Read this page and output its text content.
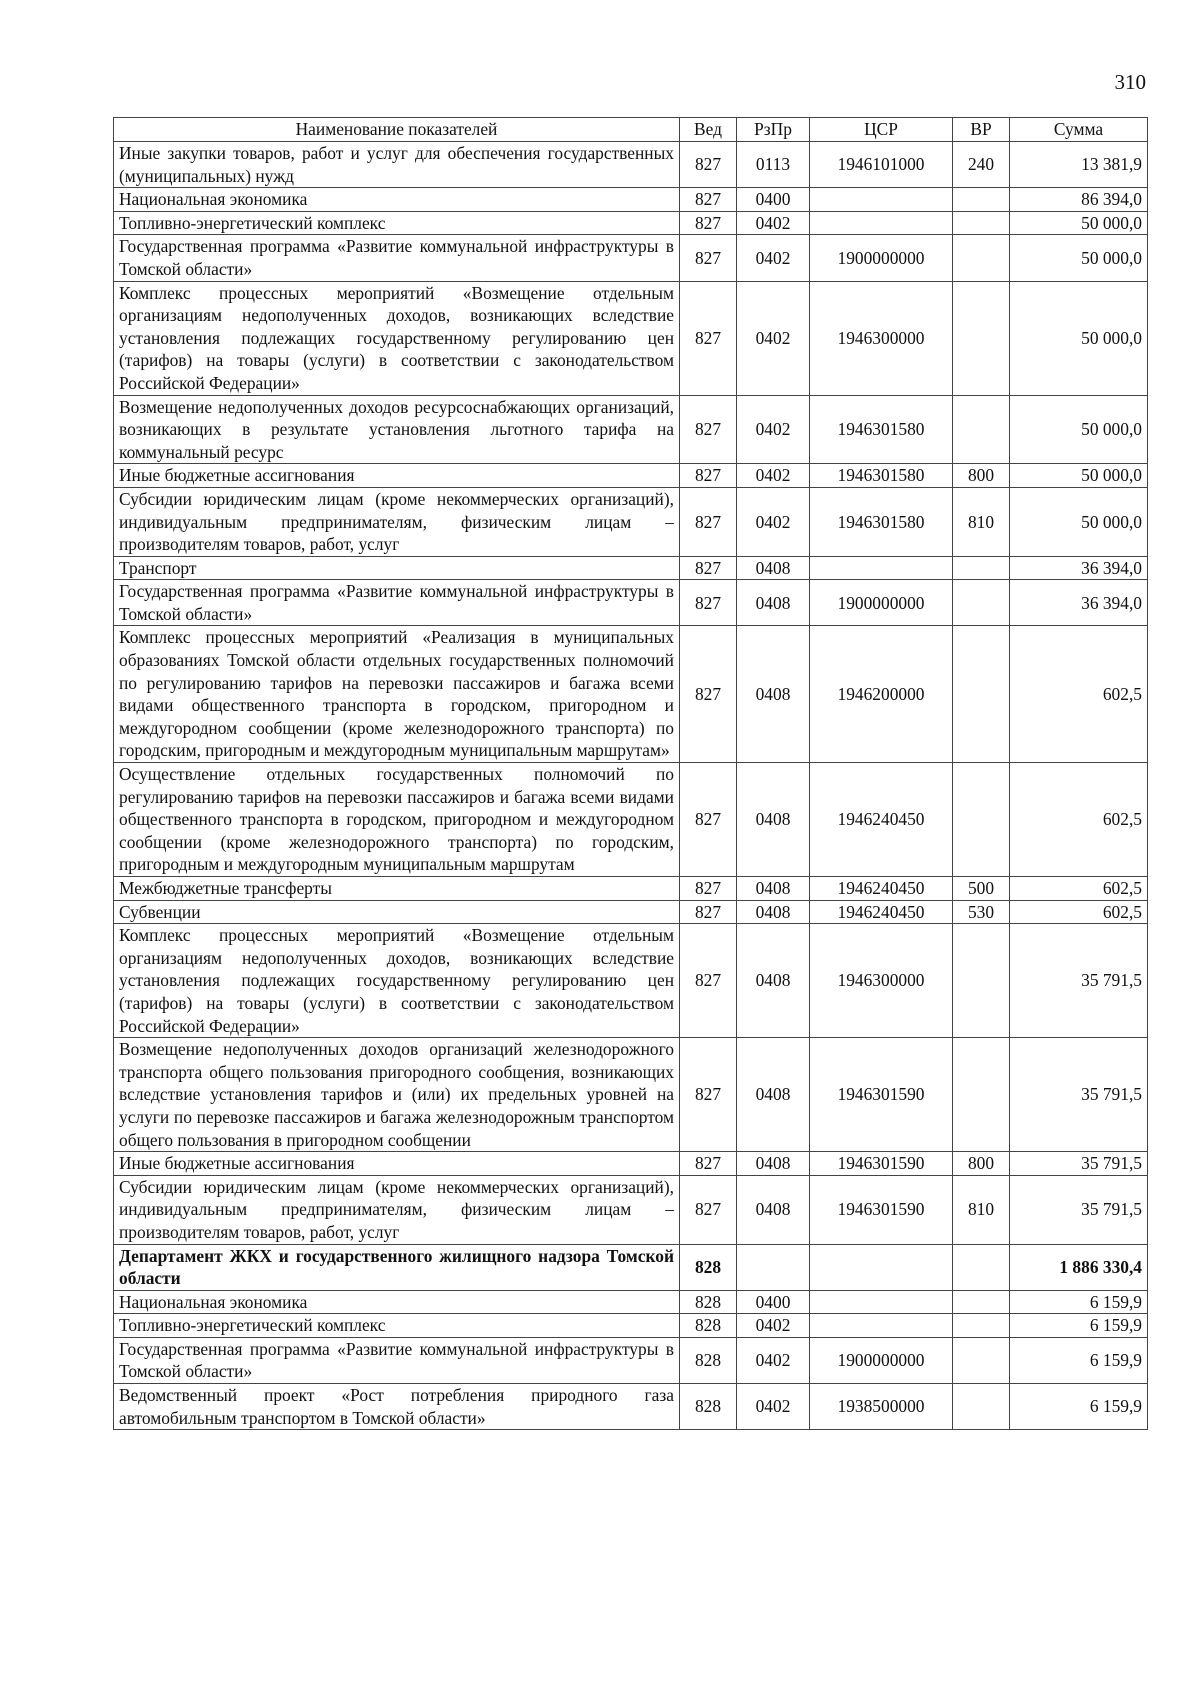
310
Наименование показателей	Вед	РзПр	ЦСР	ВР	Сумма
Иные закупки товаров, работ и услуг для обеспечения государственных (муниципальных) нужд	827	0113	1946101000	240	13 381,9
Национальная экономика	827	0400			86 394,0
Топливно-энергетический комплекс	827	0402			50 000,0
Государственная программа «Развитие коммунальной инфраструктуры в Томской области»	827	0402	1900000000		50 000,0
Комплекс процессных мероприятий «Возмещение отдельным организациям недополученных доходов, возникающих вследствие установления подлежащих государственному регулированию цен (тарифов) на товары (услуги) в соответствии с законодательством Российской Федерации»	827	0402	1946300000		50 000,0
Возмещение недополученных доходов ресурсоснабжающих организаций, возникающих в результате установления льготного тарифа на коммунальный ресурс	827	0402	1946301580		50 000,0
Иные бюджетные ассигнования	827	0402	1946301580	800	50 000,0
Субсидии юридическим лицам (кроме некоммерческих организаций), индивидуальным предпринимателям, физическим лицам – производителям товаров, работ, услуг	827	0402	1946301580	810	50 000,0
Транспорт	827	0408			36 394,0
Государственная программа «Развитие коммунальной инфраструктуры в Томской области»	827	0408	1900000000		36 394,0
Комплекс процессных мероприятий «Реализация в муниципальных образованиях Томской области отдельных государственных полномочий по регулированию тарифов на перевозки пассажиров и багажа всеми видами общественного транспорта в городском, пригородном и междугородном сообщении (кроме железнодорожного транспорта) по городским, пригородным и междугородным муниципальным маршрутам»	827	0408	1946200000		602,5
Осуществление отдельных государственных полномочий по регулированию тарифов на перевозки пассажиров и багажа всеми видами общественного транспорта в городском, пригородном и междугородном сообщении (кроме железнодорожного транспорта) по городским, пригородным и междугородным муниципальным маршрутам	827	0408	1946240450		602,5
Межбюджетные трансферты	827	0408	1946240450	500	602,5
Субвенции	827	0408	1946240450	530	602,5
Комплекс процессных мероприятий «Возмещение отдельным организациям недополученных доходов, возникающих вследствие установления подлежащих государственному регулированию цен (тарифов) на товары (услуги) в соответствии с законодательством Российской Федерации»	827	0408	1946300000		35 791,5
Возмещение недополученных доходов организаций железнодорожного транспорта общего пользования пригородного сообщения, возникающих вследствие установления тарифов и (или) их предельных уровней на услуги по перевозке пассажиров и багажа железнодорожным транспортом общего пользования в пригородном сообщении	827	0408	1946301590		35 791,5
Иные бюджетные ассигнования	827	0408	1946301590	800	35 791,5
Субсидии юридическим лицам (кроме некоммерческих организаций), индивидуальным предпринимателям, физическим лицам – производителям товаров, работ, услуг	827	0408	1946301590	810	35 791,5
Департамент ЖКХ и государственного жилищного надзора Томской области	828				1 886 330,4
Национальная экономика	828	0400			6 159,9
Топливно-энергетический комплекс	828	0402			6 159,9
Государственная программа «Развитие коммунальной инфраструктуры в Томской области»	828	0402	1900000000		6 159,9
Ведомственный проект «Рост потребления природного газа автомобильным транспортом в Томской области»	828	0402	1938500000		6 159,9
